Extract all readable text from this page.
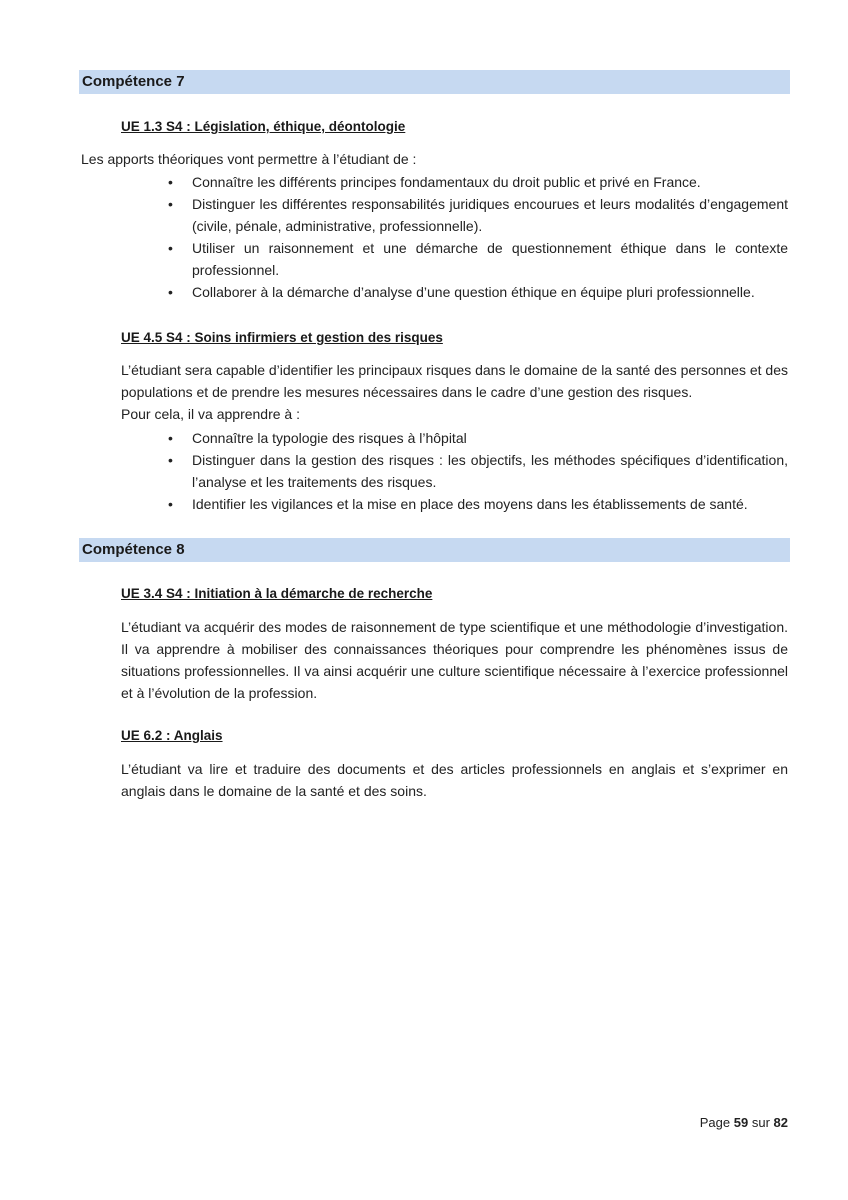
Compétence 7
UE 1.3 S4 : Législation, éthique, déontologie
Les apports théoriques vont permettre à l’étudiant de :
• Connaître les différents principes fondamentaux du droit public et privé en France.
• Distinguer les différentes responsabilités juridiques encourues et leurs modalités d’engagement (civile, pénale, administrative, professionnelle).
• Utiliser un raisonnement et une démarche de questionnement éthique dans le contexte professionnel.
• Collaborer à la démarche d’analyse d’une question éthique en équipe pluri professionnelle.
UE 4.5 S4 : Soins infirmiers et gestion des risques
L’étudiant sera capable d’identifier les principaux risques dans le domaine de la santé des personnes et des populations et de prendre les mesures nécessaires dans le cadre d’une gestion des risques.
Pour cela, il va apprendre à :
• Connaître la typologie des risques à l’hôpital
• Distinguer dans la gestion des risques : les objectifs, les méthodes spécifiques d’identification, l’analyse et les traitements des risques.
• Identifier les vigilances et la mise en place des moyens dans les établissements de santé.
Compétence 8
UE 3.4 S4 : Initiation à la démarche de recherche
L’étudiant va acquérir des modes de raisonnement de type scientifique et une méthodologie d’investigation. Il va apprendre à mobiliser des connaissances théoriques pour comprendre les phénomènes issus de situations professionnelles. Il va ainsi acquérir une culture scientifique nécessaire à l’exercice professionnel et à l’évolution de la profession.
UE 6.2 : Anglais
L’étudiant va lire et traduire des documents et des articles professionnels en anglais et s’exprimer en anglais dans le domaine de la santé et des soins.
Page 59 sur 82
